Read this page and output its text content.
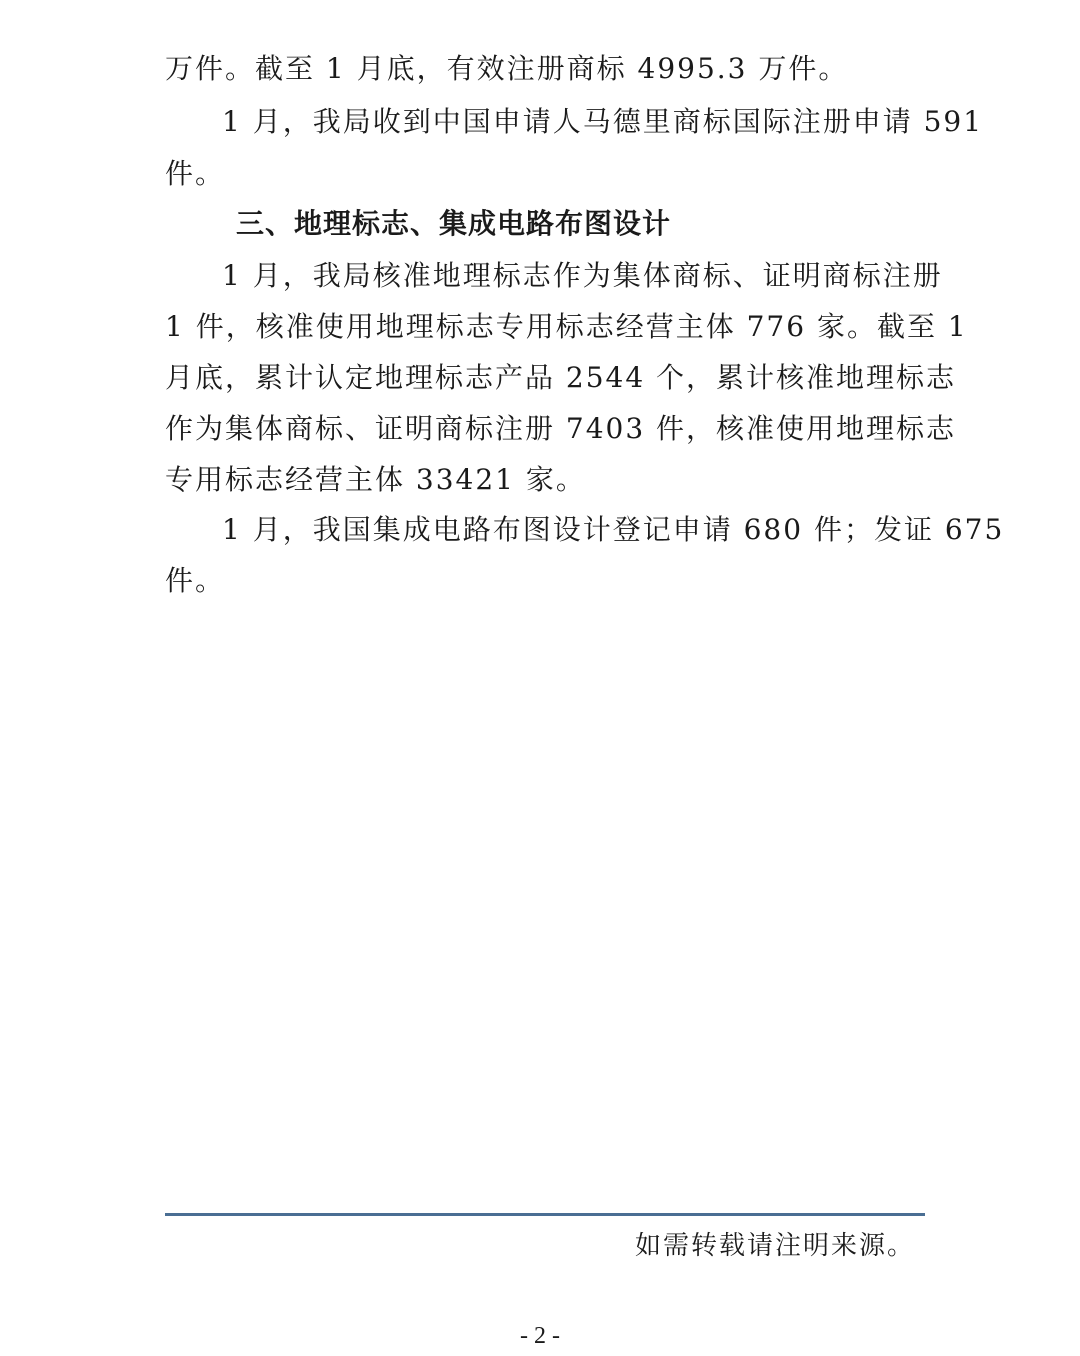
万件。截至 1 月底，有效注册商标 4995.3 万件。
1 月，我局收到中国申请人马德里商标国际注册申请 591
件。
三、地理标志、集成电路布图设计
1 月，我局核准地理标志作为集体商标、证明商标注册
1 件，核准使用地理标志专用标志经营主体 776 家。截至 1
月底，累计认定地理标志产品 2544 个，累计核准地理标志
作为集体商标、证明商标注册 7403 件，核准使用地理标志
专用标志经营主体 33421 家。
1 月，我国集成电路布图设计登记申请 680 件；发证 675
件。
如需转载请注明来源。
- 2 -
